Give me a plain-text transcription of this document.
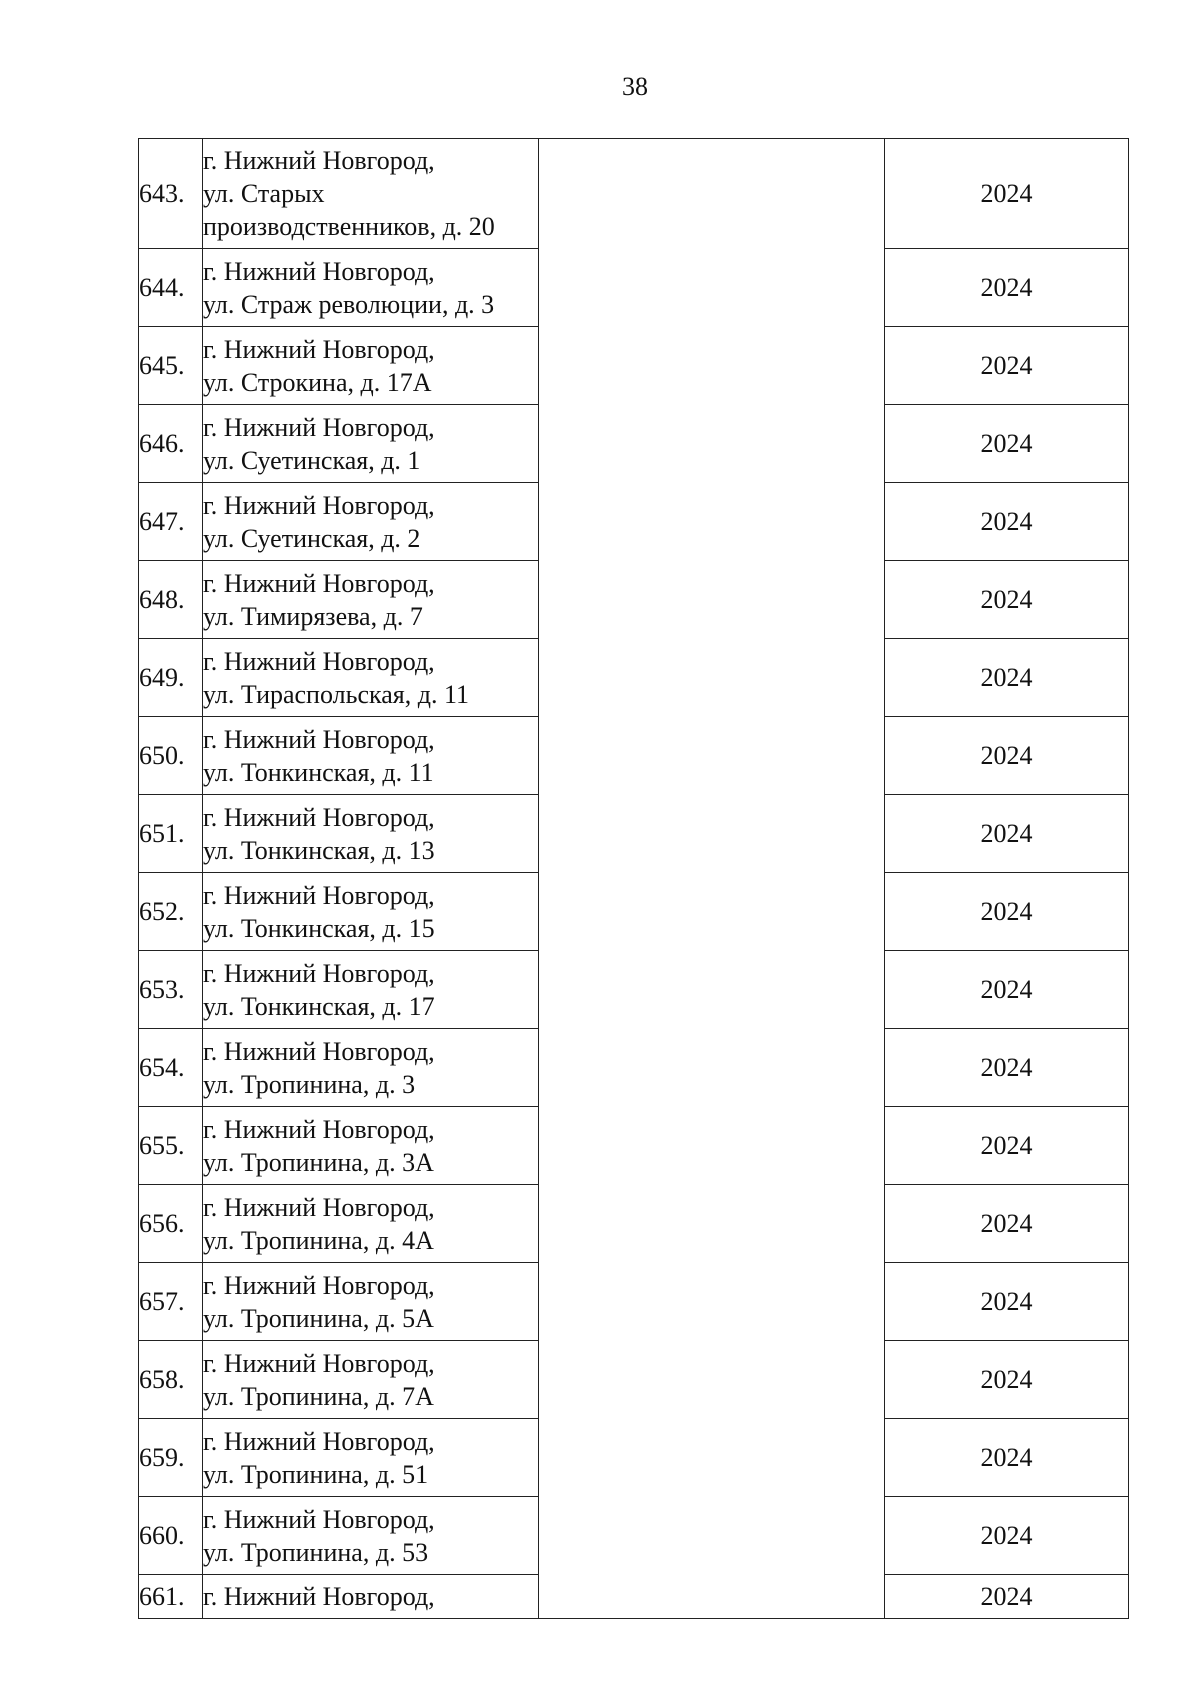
38
643.	г. Нижний Новгород,
ул. Старых
производственников, д. 20		2024
644.	г. Нижний Новгород,
ул. Страж революции, д. 3		2024
645.	г. Нижний Новгород,
ул. Строкина, д. 17А		2024
646.	г. Нижний Новгород,
ул. Суетинская, д. 1		2024
647.	г. Нижний Новгород,
ул. Суетинская, д. 2		2024
648.	г. Нижний Новгород,
ул. Тимирязева, д. 7		2024
649.	г. Нижний Новгород,
ул. Тираспольская, д. 11		2024
650.	г. Нижний Новгород,
ул. Тонкинская, д. 11		2024
651.	г. Нижний Новгород,
ул. Тонкинская, д. 13		2024
652.	г. Нижний Новгород,
ул. Тонкинская, д. 15		2024
653.	г. Нижний Новгород,
ул. Тонкинская, д. 17		2024
654.	г. Нижний Новгород,
ул. Тропинина, д. 3		2024
655.	г. Нижний Новгород,
ул. Тропинина, д. 3А		2024
656.	г. Нижний Новгород,
ул. Тропинина, д. 4А		2024
657.	г. Нижний Новгород,
ул. Тропинина, д. 5А		2024
658.	г. Нижний Новгород,
ул. Тропинина, д. 7А		2024
659.	г. Нижний Новгород,
ул. Тропинина, д. 51		2024
660.	г. Нижний Новгород,
ул. Тропинина, д. 53		2024
661.	г. Нижний Новгород,		2024
